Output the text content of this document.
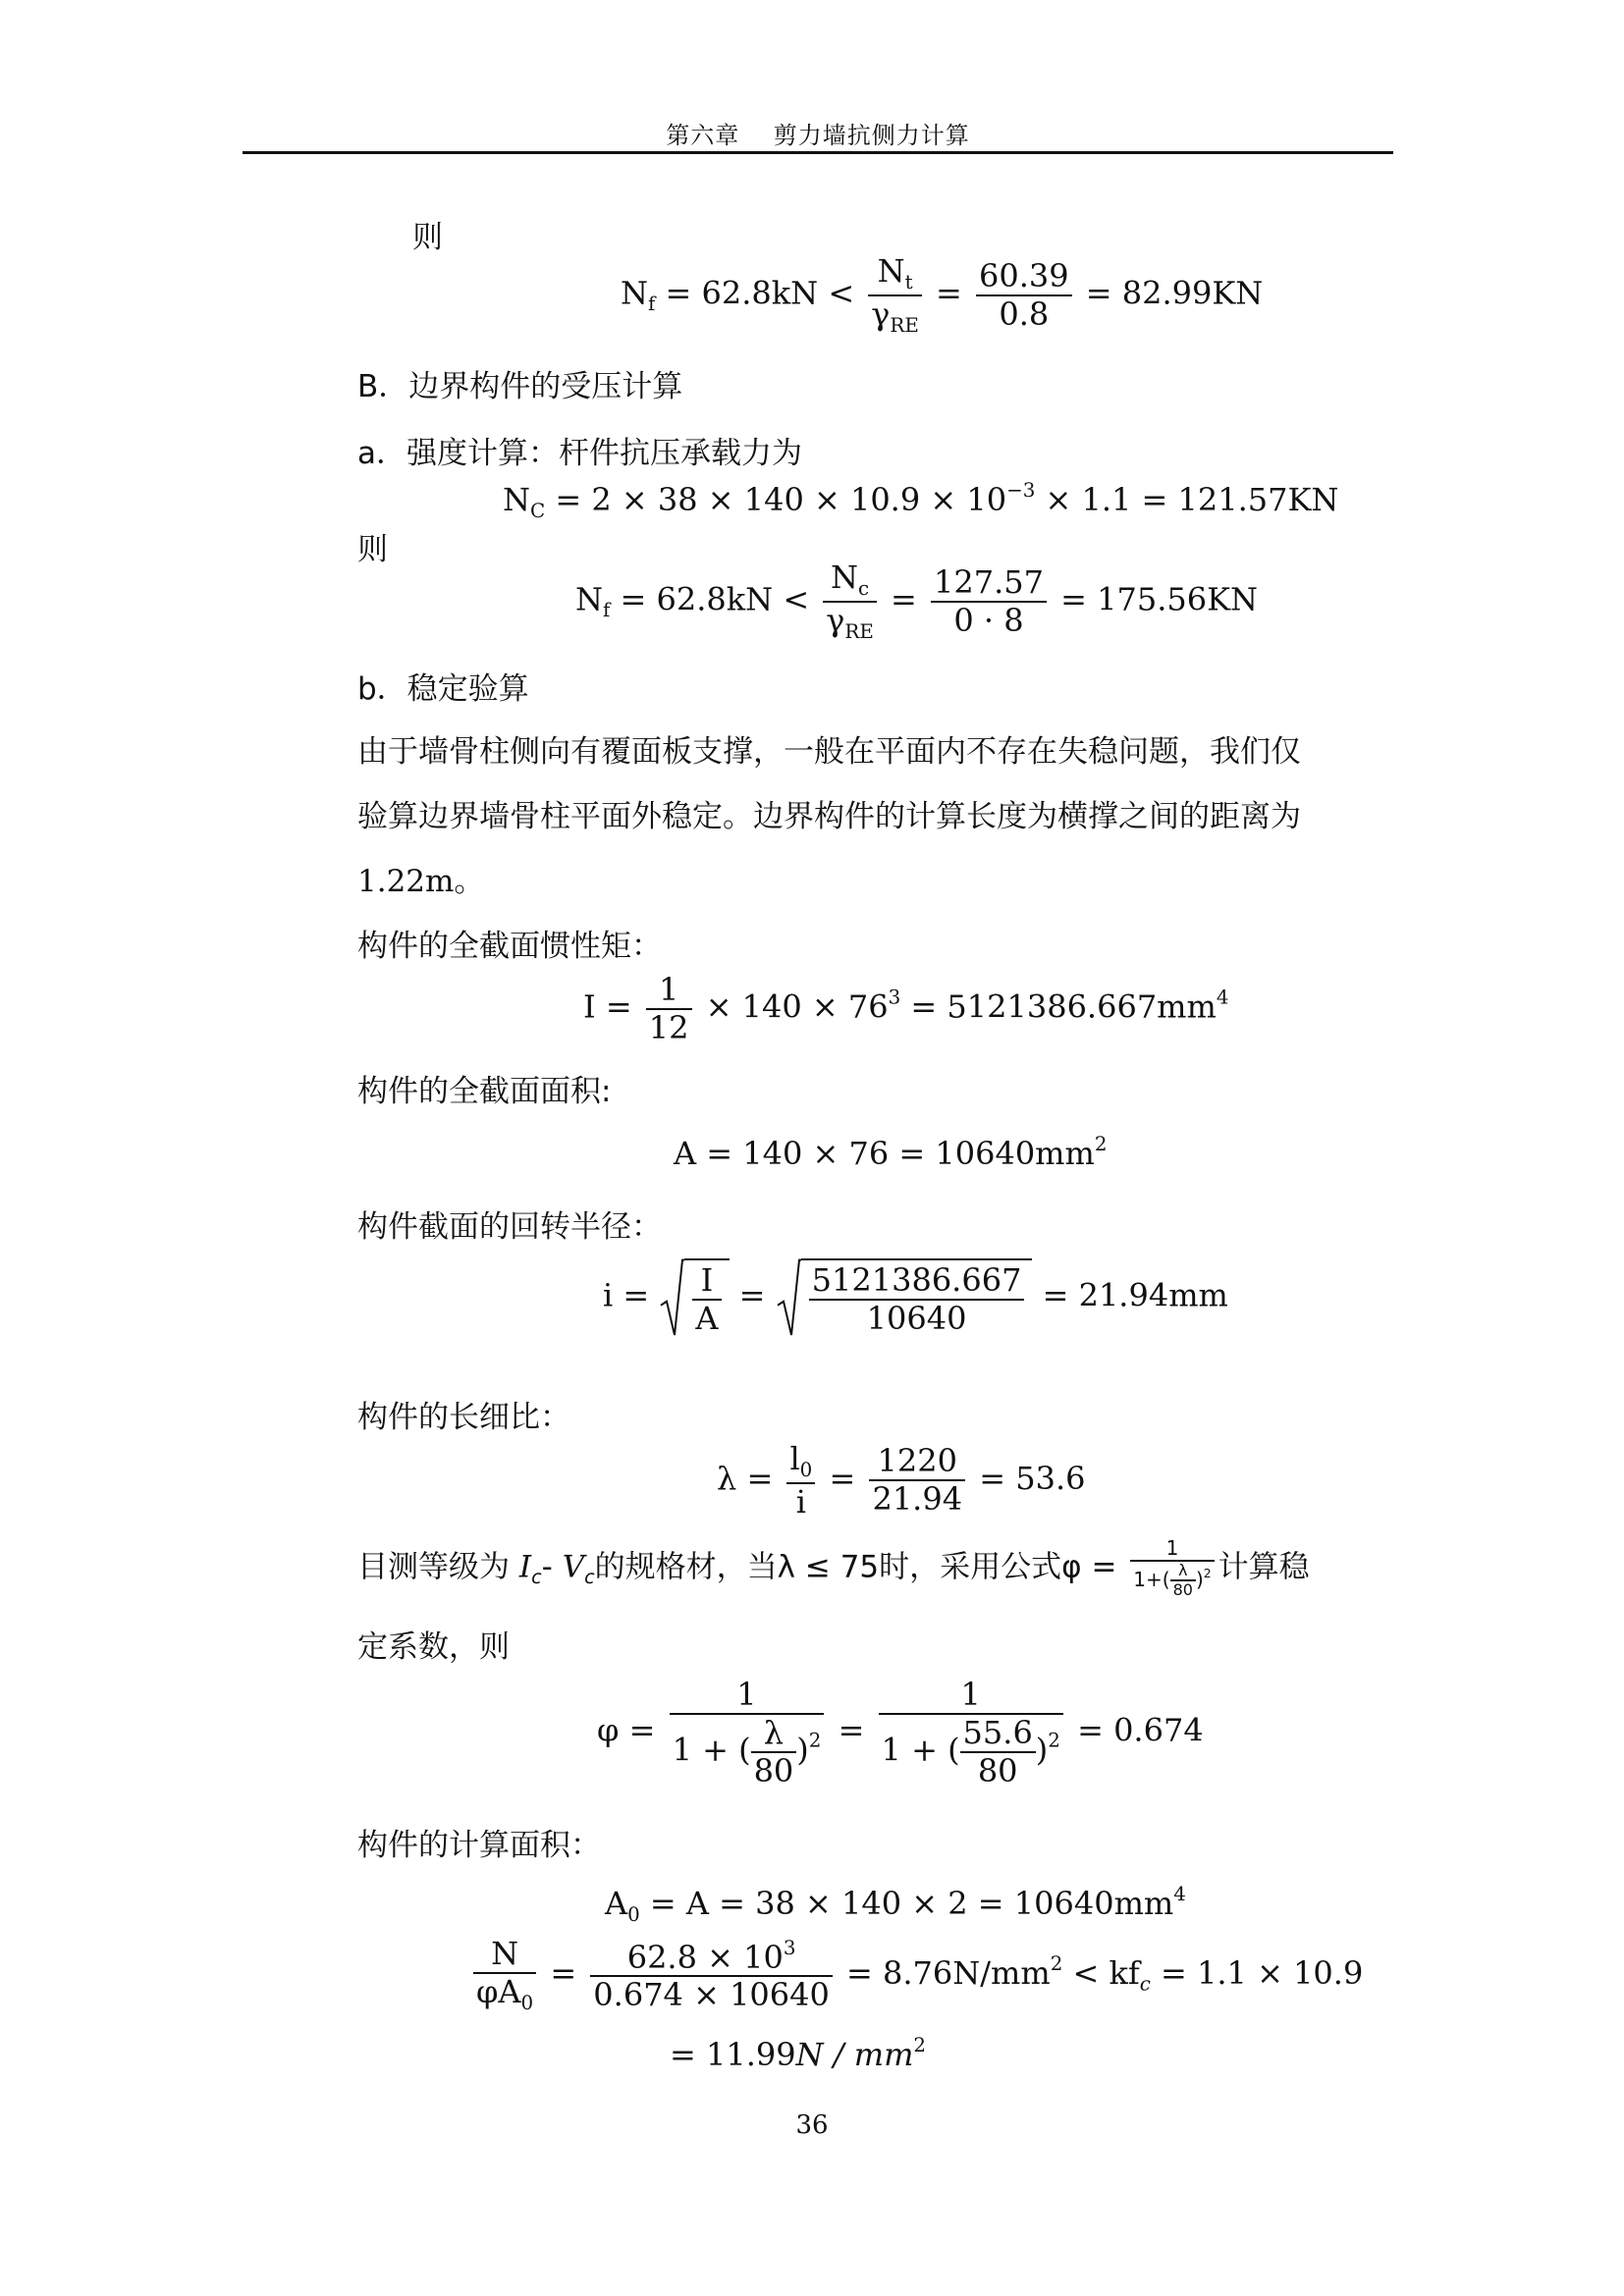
第六章 剪力墙抗侧力计算
则
$N_f = 62.8kN < \frac{N_t}{\gamma_{RE}} = \frac{60.39}{0.8} = 82.99KN$
B．边界构件的受压计算
a．强度计算：杆件抗压承载力为
$N_C = 2 \times 38 \times 140 \times 10.9 \times 10^{-3} \times 1.1 = 121.57KN$
则
$N_f = 62.8kN < \frac{N_c}{\gamma_{RE}} = \frac{127.57}{0 \cdot 8} = 175.56KN$
b．稳定验算
由于墙骨柱侧向有覆面板支撑，一般在平面内不存在失稳问题，我们仅
验算边界墙骨柱平面外稳定。边界构件的计算长度为横撑之间的距离为
1.22m。
构件的全截面惯性矩：
$I = \frac{1}{12} \times 140 \times 76^3 = 5121386.667mm^4$
构件的全截面面积:
$A = 140 \times 76 = 10640mm^2$
构件截面的回转半径：
$i = \frac{I}{A} = \frac{5121386.667}{10640} = 21.94mm$
构件的长细比：
$\lambda = \frac{l_0}{i} = \frac{1220}{21.94} = 53.6$
目测等级为 $I_c-$ $V_c$的规格材，当λ ≤ 75时，采用公式$\varphi = \frac{1}{1+( \frac{\lambda}{80} )^2}$ 计算稳
定系数，则
$\varphi = \frac{1}{1 + ( \frac{\lambda}{80} )^2} = \frac{1}{1 + ( \frac{55.6}{80} )^2} = 0.674$
构件的计算面积：
$A_0 = A = 38 \times 140 \times 2 = 10640mm^4$
$\frac{N}{\varphi A_0} = \frac{62.8 \times 10^3}{0.674 \times 10640} = 8.76N/mm^2 < kf_c = 1.1 \times 10.9$
= $11.99N / mm^2$
36
